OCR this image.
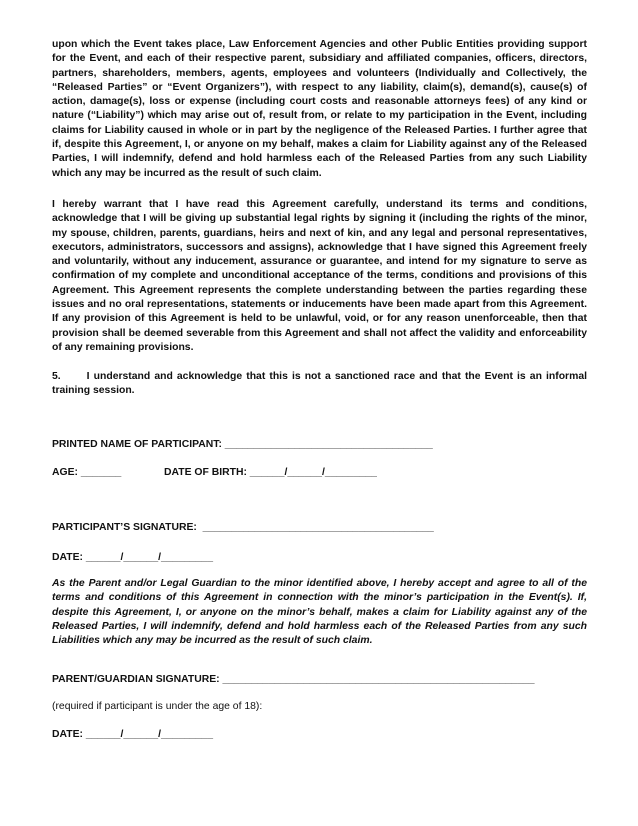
upon which the Event takes place, Law Enforcement Agencies and other Public Entities providing support for the Event, and each of their respective parent, subsidiary and affiliated companies, officers, directors, partners, shareholders, members, agents, employees and volunteers (Individually and Collectively, the “Released Parties” or “Event Organizers”), with respect to any liability, claim(s), demand(s), cause(s) of action, damage(s), loss or expense (including court costs and reasonable attorneys fees) of any kind or nature (“Liability”) which may arise out of, result from, or relate to my participation in the Event, including claims for Liability caused in whole or in part by the negligence of the Released Parties. I further agree that if, despite this Agreement, I, or anyone on my behalf, makes a claim for Liability against any of the Released Parties, I will indemnify, defend and hold harmless each of the Released Parties from any such Liability which any may be incurred as the result of such claim.
I hereby warrant that I have read this Agreement carefully, understand its terms and conditions, acknowledge that I will be giving up substantial legal rights by signing it (including the rights of the minor, my spouse, children, parents, guardians, heirs and next of kin, and any legal and personal representatives, executors, administrators, successors and assigns), acknowledge that I have signed this Agreement freely and voluntarily, without any inducement, assurance or guarantee, and intend for my signature to serve as confirmation of my complete and unconditional acceptance of the terms, conditions and provisions of this Agreement. This Agreement represents the complete understanding between the parties regarding these issues and no oral representations, statements or inducements have been made apart from this Agreement. If any provision of this Agreement is held to be unlawful, void, or for any reason unenforceable, then that provision shall be deemed severable from this Agreement and shall not affect the validity and enforceability of any remaining provisions.
5.	I understand and acknowledge that this is not a sanctioned race and that the Event is an informal training session.
PRINTED NAME OF PARTICIPANT: ____________________________________
AGE: _______	DATE OF BIRTH: ______/______/_________
PARTICIPANT’S SIGNATURE:  ________________________________________
DATE: ______/______/_________
As the Parent and/or Legal Guardian to the minor identified above, I hereby accept and agree to all of the terms and conditions of this Agreement in connection with the minor’s participation in the Event(s). If, despite this Agreement, I, or anyone on the minor’s behalf, makes a claim for Liability against any of the Released Parties, I will indemnify, defend and hold harmless each of the Released Parties from any such Liabilities which any may be incurred as the result of such claim.
PARENT/GUARDIAN SIGNATURE: ______________________________________________________
(required if participant is under the age of 18):
DATE: ______/______/_________
